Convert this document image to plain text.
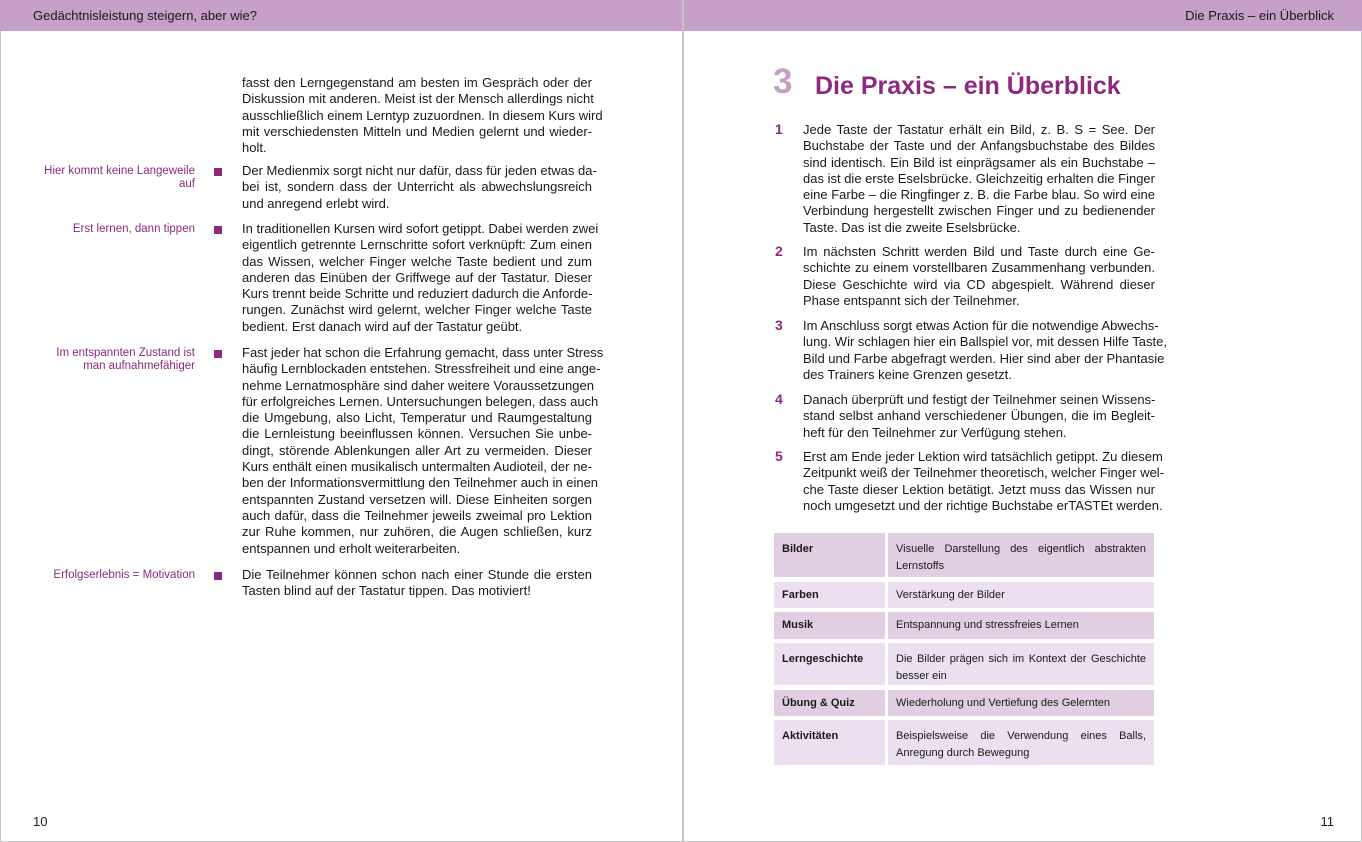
Gedächtnisleistung steigern, aber wie?	Die Praxis – ein Überblick
10	11
3 Die Praxis – ein Überblick
fasst den Lerngegenstand am besten im Gespräch oder der
Diskussion mit anderen. Meist ist der Mensch allerdings nicht
ausschließlich einem Lerntyp zuzuordnen. In diesem Kurs wird
mit verschiedensten Mitteln und Medien gelernt und wieder-
holt.
Der Medienmix sorgt nicht nur dafür, dass für jeden etwas da-
bei ist, sondern dass der Unterricht als abwechslungsreich
und anregend erlebt wird.
Hier kommt keine Langeweile
auf
In traditionellen Kursen wird sofort getippt. Dabei werden zwei
eigentlich getrennte Lernschritte sofort verknüpft: Zum einen
das Wissen, welcher Finger welche Taste bedient und zum
anderen das Einüben der Griffwege auf der Tastatur. Dieser
Kurs trennt beide Schritte und reduziert dadurch die Anforde-
rungen. Zunächst wird gelernt, welcher Finger welche Taste
bedient. Erst danach wird auf der Tastatur geübt.
Erst lernen, dann tippen
Fast jeder hat schon die Erfahrung gemacht, dass unter Stress
häufig Lernblockaden entstehen. Stressfreiheit und eine ange-
nehme Lernatmosphäre sind daher weitere Voraussetzungen
für erfolgreiches Lernen. Untersuchungen belegen, dass auch
die Umgebung, also Licht, Temperatur und Raumgestaltung
die Lernleistung beeinflussen können. Versuchen Sie unbe-
dingt, störende Ablenkungen aller Art zu vermeiden. Dieser
Kurs enthält einen musikalisch untermalten Audioteil, der ne-
ben der Informationsvermittlung den Teilnehmer auch in einen
entspannten Zustand versetzen will. Diese Einheiten sorgen
auch dafür, dass die Teilnehmer jeweils zweimal pro Lektion
zur Ruhe kommen, nur zuhören, die Augen schließen, kurz
entspannen und erholt weiterarbeiten.
Im entspannten Zustand ist
man aufnahmefähiger
Die Teilnehmer können schon nach einer Stunde die ersten
Tasten blind auf der Tastatur tippen. Das motiviert!
Erfolgserlebnis = Motivation
1 Jede Taste der Tastatur erhält ein Bild, z. B. S = See. Der
Buchstabe der Taste und der Anfangsbuchstabe des Bildes
sind identisch. Ein Bild ist einprägsamer als ein Buchstabe –
das ist die erste Eselsbrücke. Gleichzeitig erhalten die Finger
eine Farbe – die Ringfinger z. B. die Farbe blau. So wird eine
Verbindung hergestellt zwischen Finger und zu bedienender
Taste. Das ist die zweite Eselsbrücke.
2 Im nächsten Schritt werden Bild und Taste durch eine Ge-
schichte zu einem vorstellbaren Zusammenhang verbunden.
Diese Geschichte wird via CD abgespielt. Während dieser
Phase entspannt sich der Teilnehmer.
3 Im Anschluss sorgt etwas Action für die notwendige Abwechs-
lung. Wir schlagen hier ein Ballspiel vor, mit dessen Hilfe Taste,
Bild und Farbe abgefragt werden. Hier sind aber der Phantasie
des Trainers keine Grenzen gesetzt.
4 Danach überprüft und festigt der Teilnehmer seinen Wissens-
stand selbst anhand verschiedener Übungen, die im Begleit-
heft für den Teilnehmer zur Verfügung stehen.
5 Erst am Ende jeder Lektion wird tatsächlich getippt. Zu diesem
Zeitpunkt weiß der Teilnehmer theoretisch, welcher Finger wel-
che Taste dieser Lektion betätigt. Jetzt muss das Wissen nur
noch umgesetzt und der richtige Buchstabe erTASTEt werden.
Bilder	Visuelle Darstellung des eigentlich abstrakten Lernstoffs
Farben	Verstärkung der Bilder
Musik	Entspannung und stressfreies Lernen
Lerngeschichte	Die Bilder prägen sich im Kontext der Geschichte besser ein
Übung & Quiz	Wiederholung und Vertiefung des Gelernten
Aktivitäten	Beispielsweise die Verwendung eines Balls, Anregung durch Bewegung
